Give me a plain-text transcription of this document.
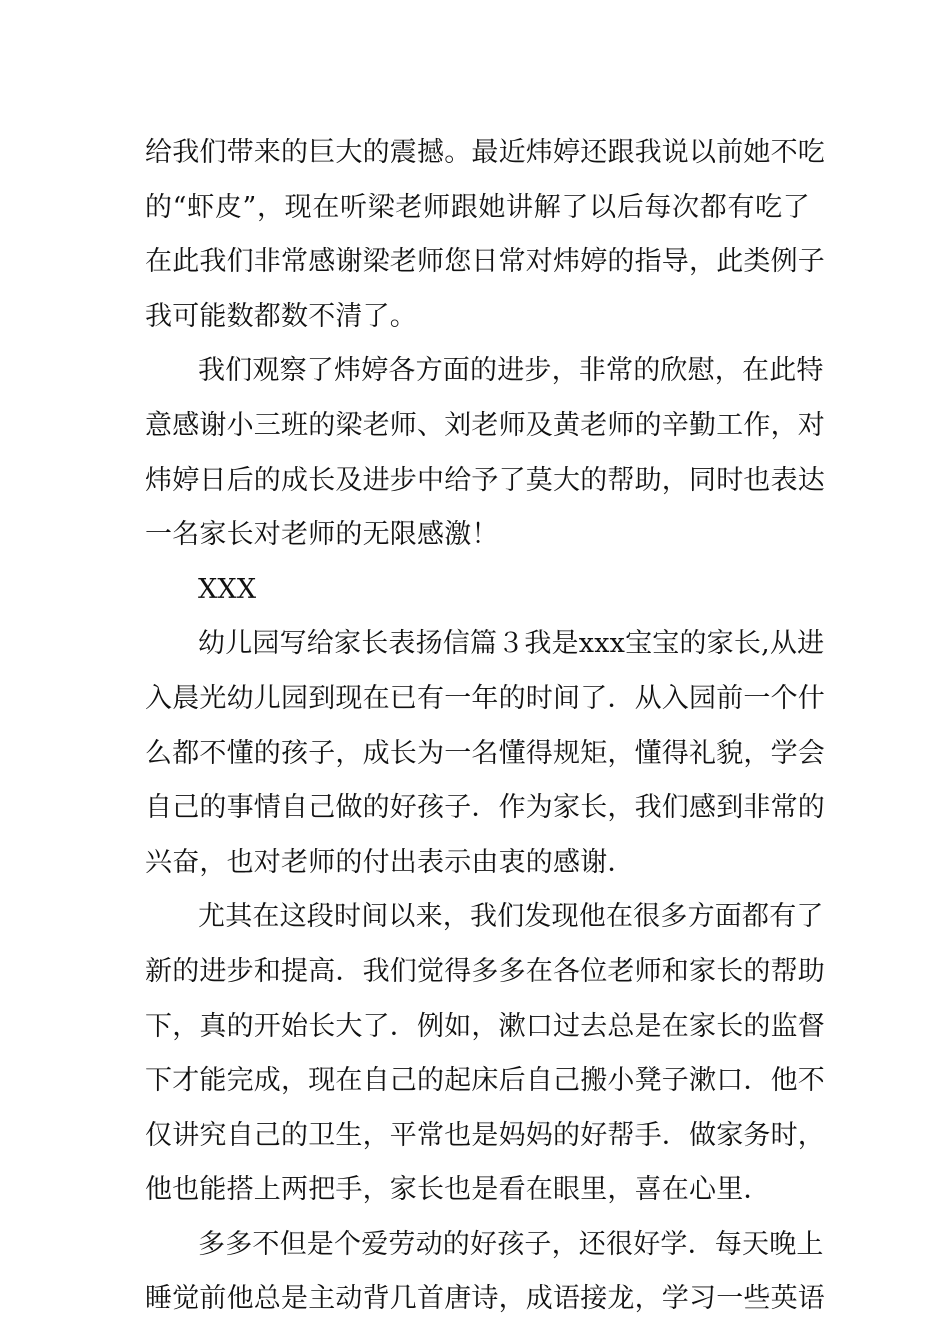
给我们带来的巨大的震撼。最近炜婷还跟我说以前她不吃
的“虾皮”，现在听梁老师跟她讲解了以后每次都有吃了
在此我们非常感谢梁老师您日常对炜婷的指导，此类例子
我可能数都数不清了。
我们观察了炜婷各方面的进步，非常的欣慰，在此特
意感谢小三班的梁老师、刘老师及黄老师的辛勤工作，对
炜婷日后的成长及进步中给予了莫大的帮助，同时也表达
一名家长对老师的无限感激！
XXX
幼儿园写给家长表扬信篇３我是xxx宝宝的家长,从进
入晨光幼儿园到现在已有一年的时间了．从入园前一个什
么都不懂的孩子，成长为一名懂得规矩，懂得礼貌，学会
自己的事情自己做的好孩子．作为家长，我们感到非常的
兴奋，也对老师的付出表示由衷的感谢．
尤其在这段时间以来，我们发现他在很多方面都有了
新的进步和提高．我们觉得多多在各位老师和家长的帮助
下，真的开始长大了．例如，漱口过去总是在家长的监督
下才能完成，现在自己的起床后自己搬小凳子漱口．他不
仅讲究自己的卫生，平常也是妈妈的好帮手．做家务时，
他也能搭上两把手，家长也是看在眼里，喜在心里．
多多不但是个爱劳动的好孩子，还很好学．每天晚上
睡觉前他总是主动背几首唐诗，成语接龙，学习一些英语
